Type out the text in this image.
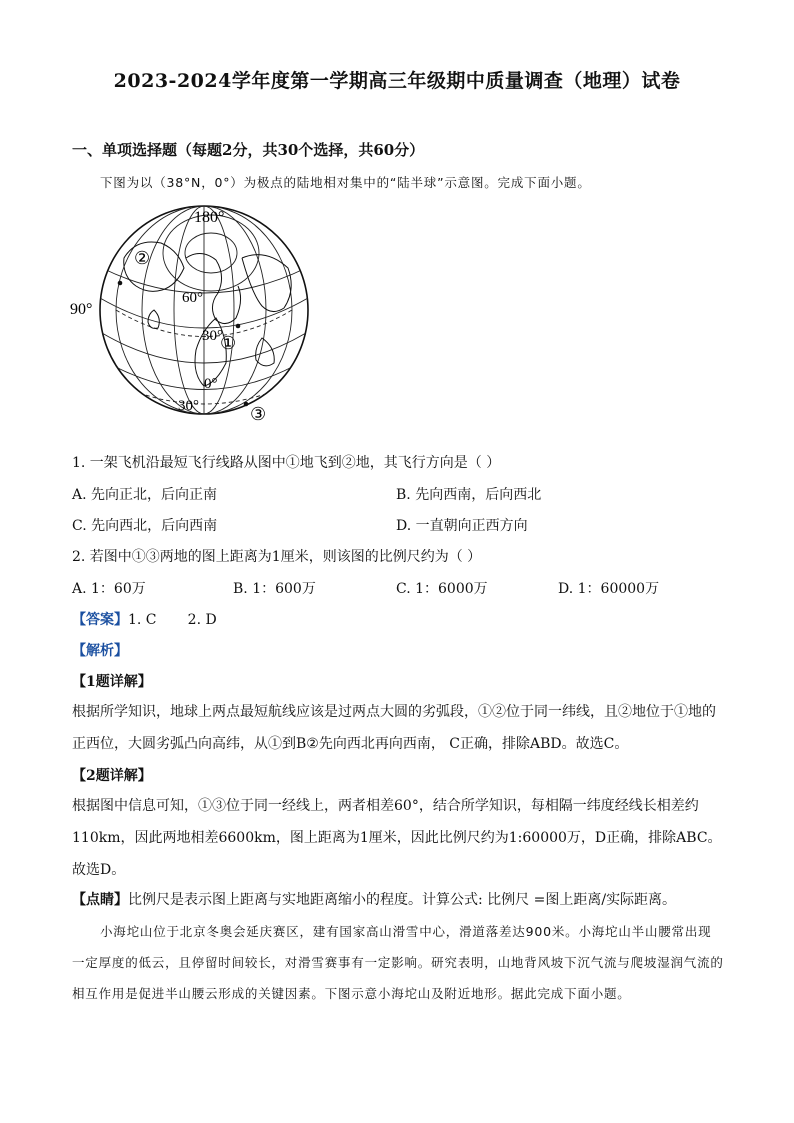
2023-2024学年度第一学期高三年级期中质量调查（地理）试卷
一、单项选择题（每题2分，共30个选择，共60分）
下图为以（38°N，0°）为极点的陆地相对集中的“陆半球”示意图。完成下面小题。
180°
90°
60°
30°
0°
30°
①
②
③
1. 一架飞机沿最短飞行线路从图中①地飞到②地，其飞行方向是（ ）
A. 先向正北，后向正南	B. 先向西南，后向西北
C. 先向西北，后向西南	D. 一直朝向正西方向
2. 若图中①③两地的图上距离为1厘米，则该图的比例尺约为（ ）
A. 1：60万	B. 1：600万	C. 1：6000万	D. 1：60000万
【答案】1. C       2. D
【解析】
【1题详解】
根据所学知识，地球上两点最短航线应该是过两点大圆的劣弧段，①②位于同一纬线，且②地位于①地的正西位，大圆劣弧凸向高纬，从①到B②先向西北再向西南， C正确，排除ABD。故选C。
【2题详解】
根据图中信息可知，①③位于同一经线上，两者相差60°，结合所学知识，每相隔一纬度经线长相差约110km，因此两地相差6600km，图上距离为1厘米，因此比例尺约为1:60000万，D正确，排除ABC。故选D。
【点睛】比例尺是表示图上距离与实地距离缩小的程度。计算公式: 比例尺 =图上距离/实际距离。
小海坨山位于北京冬奥会延庆赛区，建有国家高山滑雪中心，滑道落差达900米。小海坨山半山腰常出现一定厚度的低云，且停留时间较长，对滑雪赛事有一定影响。研究表明，山地背风坡下沉气流与爬坡湿润气流的相互作用是促进半山腰云形成的关键因素。下图示意小海坨山及附近地形。据此完成下面小题。
